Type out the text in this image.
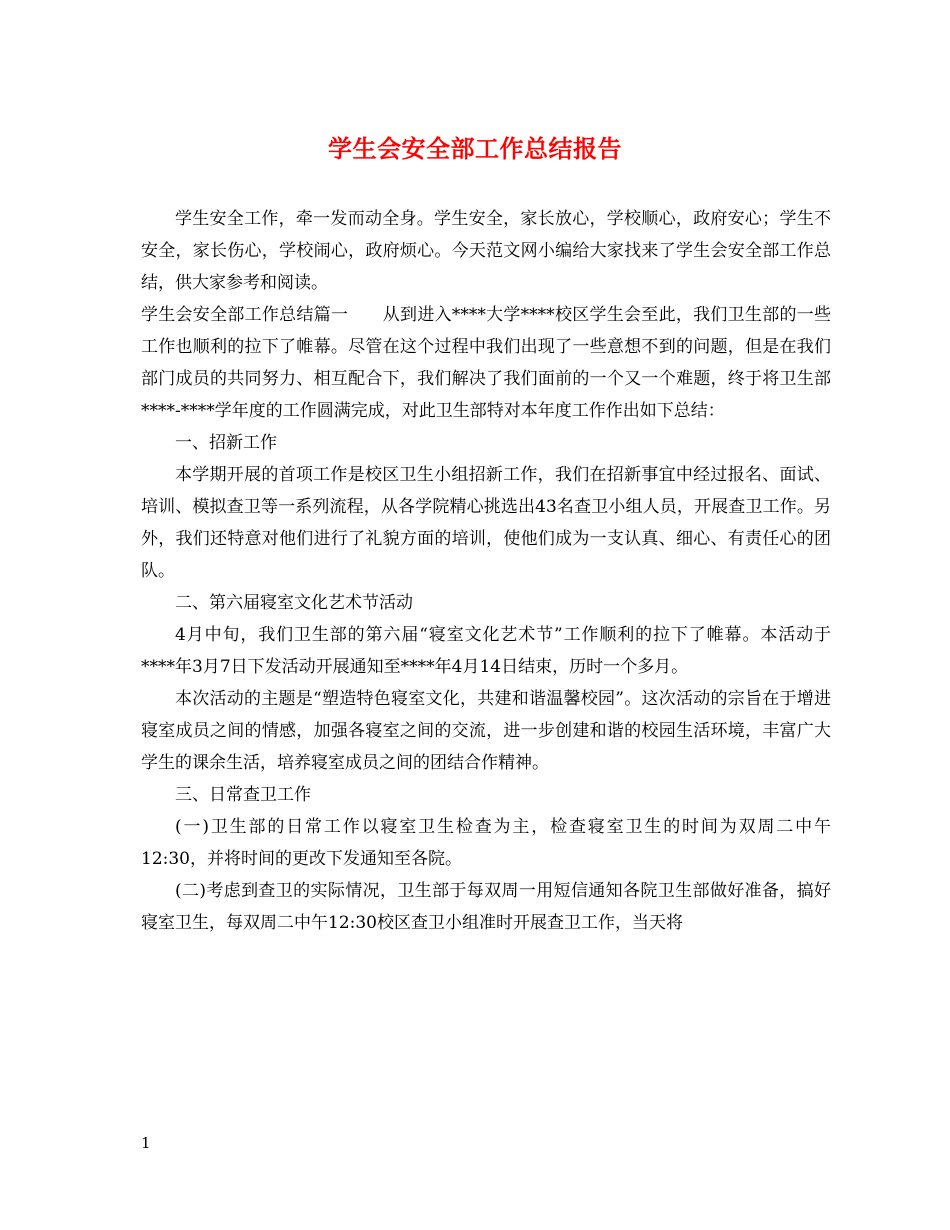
学生会安全部工作总结报告

学生安全工作，牵一发而动全身。学生安全，家长放心，学校顺心，政府安心；学生不安全，家长伤心，学校闹心，政府烦心。今天范文网小编给大家找来了学生会安全部工作总结，供大家参考和阅读。

学生会安全部工作总结篇一　　从到进入****大学****校区学生会至此，我们卫生部的一些工作也顺利的拉下了帷幕。尽管在这个过程中我们出现了一些意想不到的问题，但是在我们部门成员的共同努力、相互配合下，我们解决了我们面前的一个又一个难题，终于将卫生部****-****学年度的工作圆满完成，对此卫生部特对本年度工作作出如下总结：

一、招新工作

本学期开展的首项工作是校区卫生小组招新工作，我们在招新事宜中经过报名、面试、培训、模拟查卫等一系列流程，从各学院精心挑选出43名查卫小组人员，开展查卫工作。另外，我们还特意对他们进行了礼貌方面的培训，使他们成为一支认真、细心、有责任心的团队。

二、第六届寝室文化艺术节活动

4月中旬，我们卫生部的第六届“寝室文化艺术节”工作顺利的拉下了帷幕。本活动于****年3月7日下发活动开展通知至****年4月14日结束，历时一个多月。

本次活动的主题是“塑造特色寝室文化，共建和谐温馨校园”。这次活动的宗旨在于增进寝室成员之间的情感，加强各寝室之间的交流，进一步创建和谐的校园生活环境，丰富广大学生的课余生活，培养寝室成员之间的团结合作精神。

三、日常查卫工作

(一)卫生部的日常工作以寝室卫生检查为主，检查寝室卫生的时间为双周二中午12:30，并将时间的更改下发通知至各院。

(二)考虑到查卫的实际情况，卫生部于每双周一用短信通知各院卫生部做好准备，搞好寝室卫生，每双周二中午12:30校区查卫小组准时开展查卫工作，当天将

1
